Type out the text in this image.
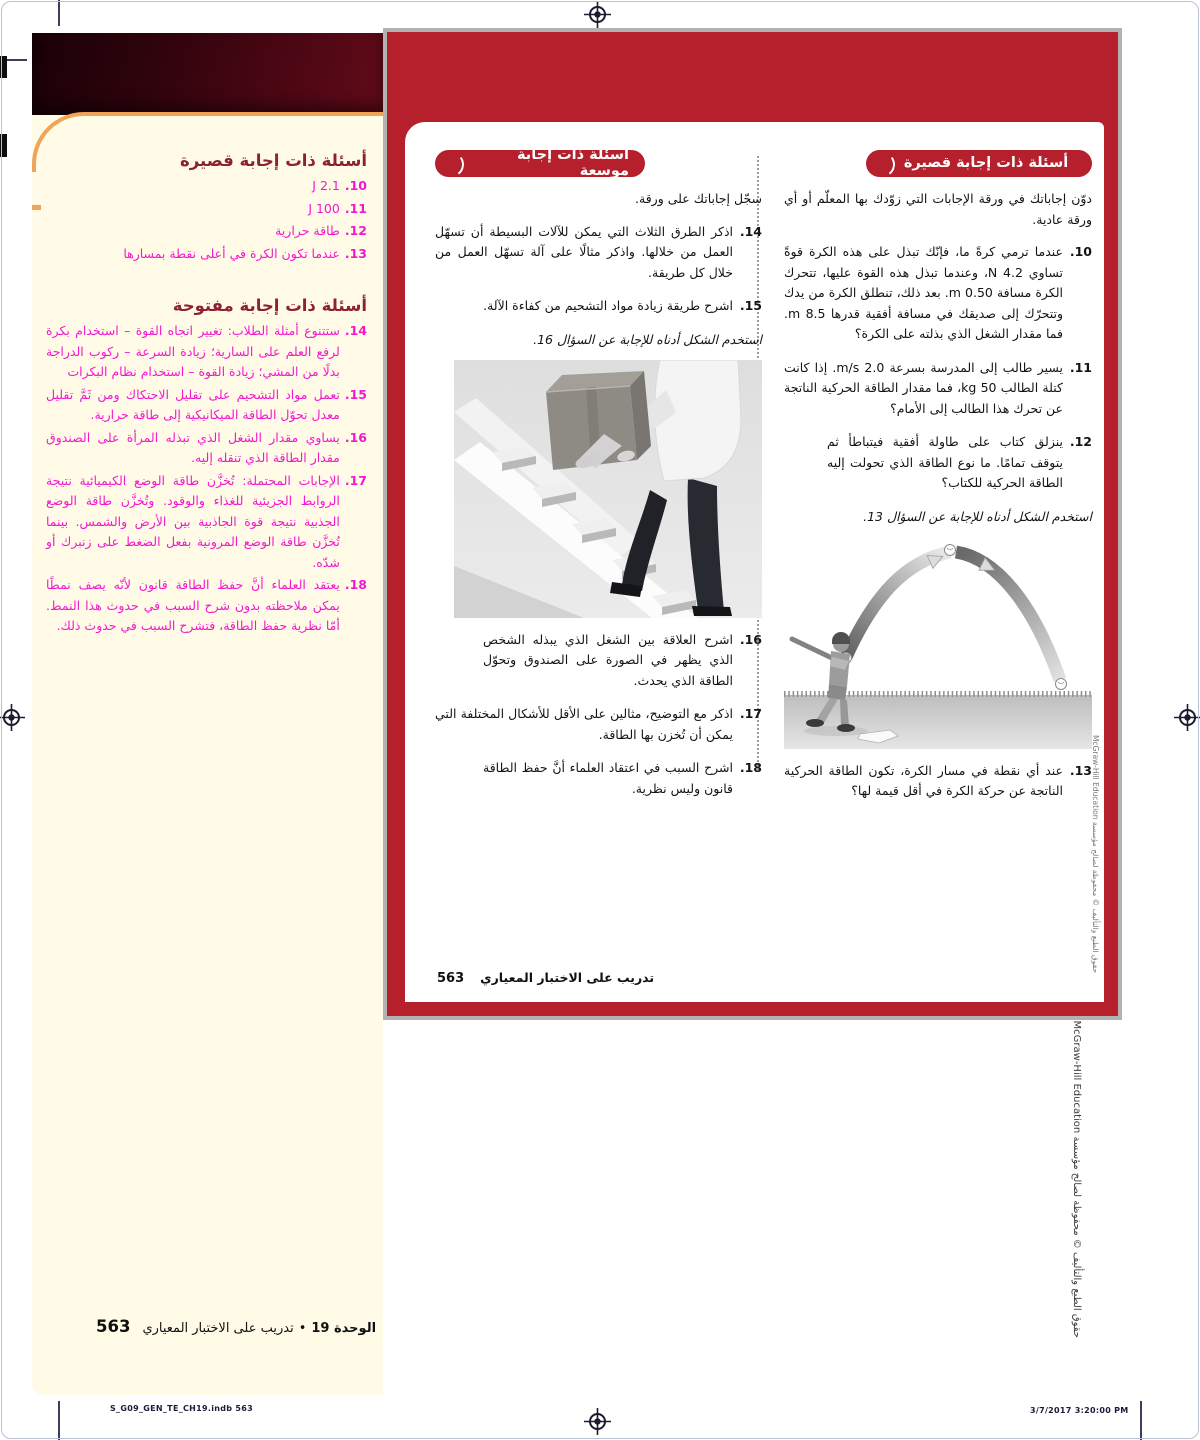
أسئلة ذات إجابة قصيرة
10.
2.1 J
11.
100 J
12.
طاقة حرارية
13.
عندما تكون الكرة في أعلى نقطة بمسارها
أسئلة ذات إجابة مفتوحة
14.
ستتنوع أمثلة الطلاب: تغيير اتجاه القوة – استخدام بكرة لرفع العلم على السارية؛ زيادة السرعة – ركوب الدراجة بدلًا من المشي؛ زيادة القوة – استخدام نظام البكرات
15.
تعمل مواد التشحيم على تقليل الاحتكاك ومن ثَمَّ تقليل معدل تحوّل الطاقة الميكانيكية إلى طاقة حرارية.
16.
يساوي مقدار الشغل الذي تبذله المرأة على الصندوق مقدار الطاقة الذي تنقله إليه.
17.
الإجابات المحتملة: تُخزَّن طاقة الوضع الكيميائية نتيجة الروابط الجزيئية للغذاء والوقود. وتُخزَّن طاقة الوضع الجذبية نتيجة قوة الجاذبية بين الأرض والشمس. بينما تُخزَّن طاقة الوضع المرونية بفعل الضغط على زنبرك أو شدّه.
18.
يعتقد العلماء أنَّ حفظ الطاقة قانون لأنّه يصف نمطًا يمكن ملاحظته بدون شرح السبب في حدوث هذا النمط. أمّا نظرية حفظ الطاقة، فتشرح السبب في حدوث ذلك.
563	الوحدة 19
•
تدريب على الاختبار المعياري
أسئلة ذات إجابة قصيرة

دوّن إجاباتك في ورقة الإجابات التي زوّدك بها المعلّم أو أي ورقة عادية.

10.
عندما ترمي كرةً ما، فإنّك تبذل على هذه الكرة قوةً تساوي 4.2 N، وعندما تبذل هذه القوة عليها، تتحرك الكرة مسافة 0.50 m. بعد ذلك، تنطلق الكرة من يدك وتتحرّك إلى صديقك في مسافة أفقية قدرها 8.5 m. فما مقدار الشغل الذي بذلته على الكرة؟
11.
يسير طالب إلى المدرسة بسرعة 2.0 m/s. إذا كانت كتلة الطالب 50 kg، فما مقدار الطاقة الحركية الناتجة عن تحرك هذا الطالب إلى الأمام؟
12.
ينزلق كتاب على طاولة أفقية فيتباطأ ثم يتوقف تمامًا. ما نوع الطاقة الذي تحولت إليه الطاقة الحركية للكتاب؟
استخدم الشكل أدناه للإجابة عن السؤال 13.
13.
عند أي نقطة في مسار الكرة، تكون الطاقة الحركية الناتجة عن حركة الكرة في أقل قيمة لها؟
أسئلة ذات إجابة موسعة

سجّل إجاباتك على ورقة.

14.
اذكر الطرق الثلاث التي يمكن للآلات البسيطة أن تسهّل العمل من خلالها. واذكر مثالًا على آلة تسهّل العمل من خلال كل طريقة.
15.
اشرح طريقة زيادة مواد التشحيم من كفاءة الآلة.
استخدم الشكل أدناه للإجابة عن السؤال 16.
16.
اشرح العلاقة بين الشغل الذي يبذله الشخص الذي يظهر في الصورة على الصندوق وتحوّل الطاقة الذي يحدث.
17.
اذكر مع التوضيح، مثالين على الأقل للأشكال المختلفة التي يمكن أن تُخزن بها الطاقة.
18.
اشرح السبب في اعتقاد العلماء أنَّ حفظ الطاقة قانون وليس نظرية.
563 تدريب على الاختبار المعياري
حقوق الطبع والتأليف © محفوظة لصالح مؤسسة McGraw-Hill Education
حقوق الطبع والتأليف © محفوظة لصالح مؤسسة McGraw-Hill Education
S_G09_GEN_TE_CH19.indb 563	3/7/2017 3:20:00 PM
